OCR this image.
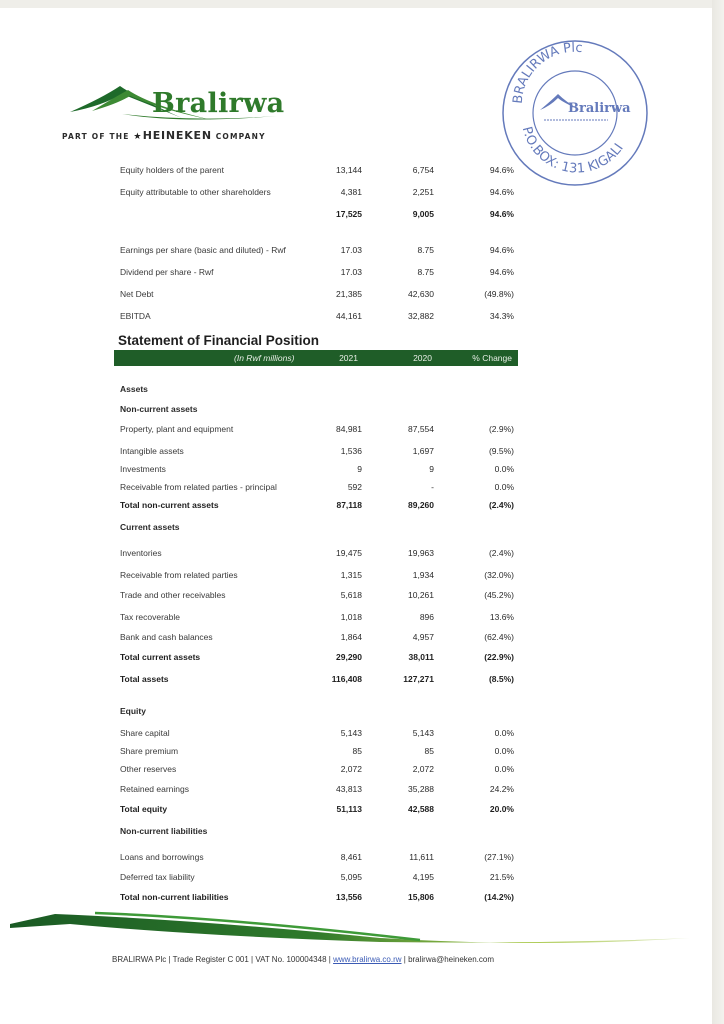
Bralirwa
PART OF THE ★HEINEKEN COMPANY
BRALIRWA Plc
P.O.BOX: 131 KIGALI
Bralirwa
Equity holders of the parent	13,144	6,754	94.6%
Equity attributable to other shareholders	4,381	2,251	94.6%
17,525	9,005	94.6%
Earnings per share (basic and diluted) - Rwf	17.03	8.75	94.6%
Dividend per share - Rwf	17.03	8.75	94.6%
Net Debt	21,385	42,630	(49.8%)
EBITDA	44,161	32,882	34.3%
Statement of Financial Position
(In Rwf millions)	2021	2020	% Change
Assets
Non-current assets
Property, plant and equipment	84,981	87,554	(2.9%)
Intangible assets	1,536	1,697	(9.5%)
Investments	9	9	0.0%
Receivable from related parties - principal	592	-	0.0%
Total non-current assets	87,118	89,260	(2.4%)
Current assets
Inventories	19,475	19,963	(2.4%)
Receivable from related parties	1,315	1,934	(32.0%)
Trade and other receivables	5,618	10,261	(45.2%)
Tax recoverable	1,018	896	13.6%
Bank and cash balances	1,864	4,957	(62.4%)
Total current assets	29,290	38,011	(22.9%)
Total assets	116,408	127,271	(8.5%)
Equity
Share capital	5,143	5,143	0.0%
Share premium	85	85	0.0%
Other reserves	2,072	2,072	0.0%
Retained earnings	43,813	35,288	24.2%
Total equity	51,113	42,588	20.0%
Non-current liabilities
Loans and borrowings	8,461	11,611	(27.1%)
Deferred tax liability	5,095	4,195	21.5%
Total non-current liabilities	13,556	15,806	(14.2%)
BRALIRWA Plc | Trade Register C 001 | VAT No. 100004348 | www.bralirwa.co.rw | bralirwa@heineken.com
